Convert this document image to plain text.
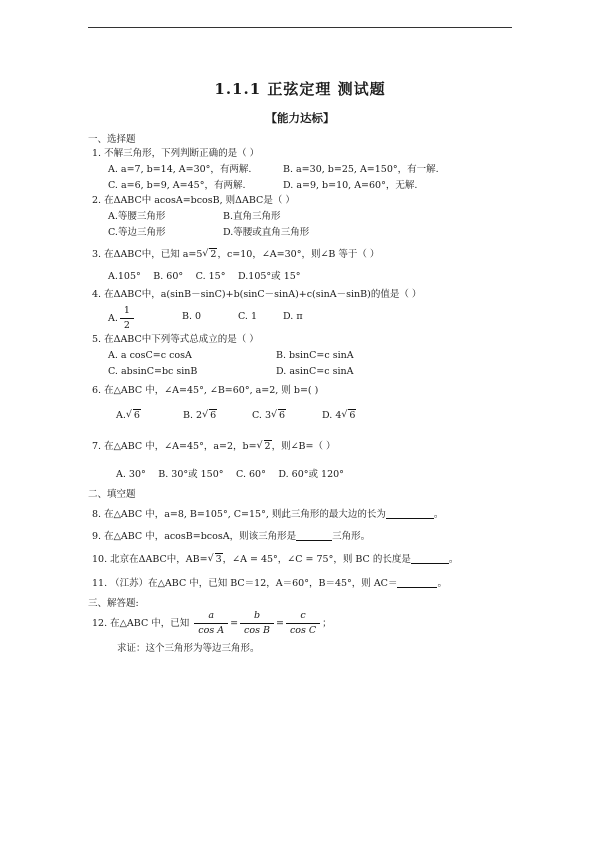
1.1.1 正弦定理 测试题
【能力达标】
一、选择题
1. 不解三角形，下列判断正确的是（ ）
A. a=7, b=14, A=30°，有两解.	B. a=30, b=25, A=150°，有一解.
C. a=6, b=9, A=45°，有两解.	D. a=9, b=10, A=60°，无解.
2. 在ΔABC中 acosA=bcosB, 则ΔABC是（ ）
A.等腰三角形	B.直角三角形
C.等边三角形	D.等腰或直角三角形
3. 在ΔABC中，已知 a=5 √ 2，c=10，∠A=30°，则∠B 等于（ ）
A.105°　 B. 60°　 C. 15°　 D.105°或 15°
4. 在ΔABC中，a(sinB－sinC)+b(sinC－sinA)+c(sinA－sinB)的值是（ ）
A. $\frac{1}{2}$	B. 0	C. 1	D. π
5. 在ΔABC中下列等式总成立的是（ ）
A. a cosC=c cosA	B. bsinC=c sinA
C. absinC=bc sinB	D. asinC=c sinA
6. 在△ABC 中，∠A=45°, ∠B=60°, a=2, 则 b=( )
A. √ 6	B. 2 √ 6	C. 3 √ 6	D. 4 √ 6
7. 在△ABC 中，∠A=45°，a=2，b= √ 2，则∠B=（ ）
A. 30°　 B. 30°或 150°　 C. 60°　 D. 60°或 120°
二、填空题
8. 在△ABC 中，a=8, B=105°, C=15°, 则此三角形的最大边的长为	。
9. 在△ABC 中，acosB=bcosA，则该三角形是	三角形。
10. 北京在ΔABC中，AB= √ 3，∠A = 45°，∠C = 75°，则 BC 的长度是	。
11. （江苏）在△ABC 中，已知 BC＝12，A＝60°，B＝45°，则 AC＝	。
三、解答题:
12. 在△ABC 中，已知 $\frac{a}{\text{cos A}} = \frac{b}{\text{cos B}} = \frac{c}{\text{cos C}}$ ；
求证：这个三角形为等边三角形。
